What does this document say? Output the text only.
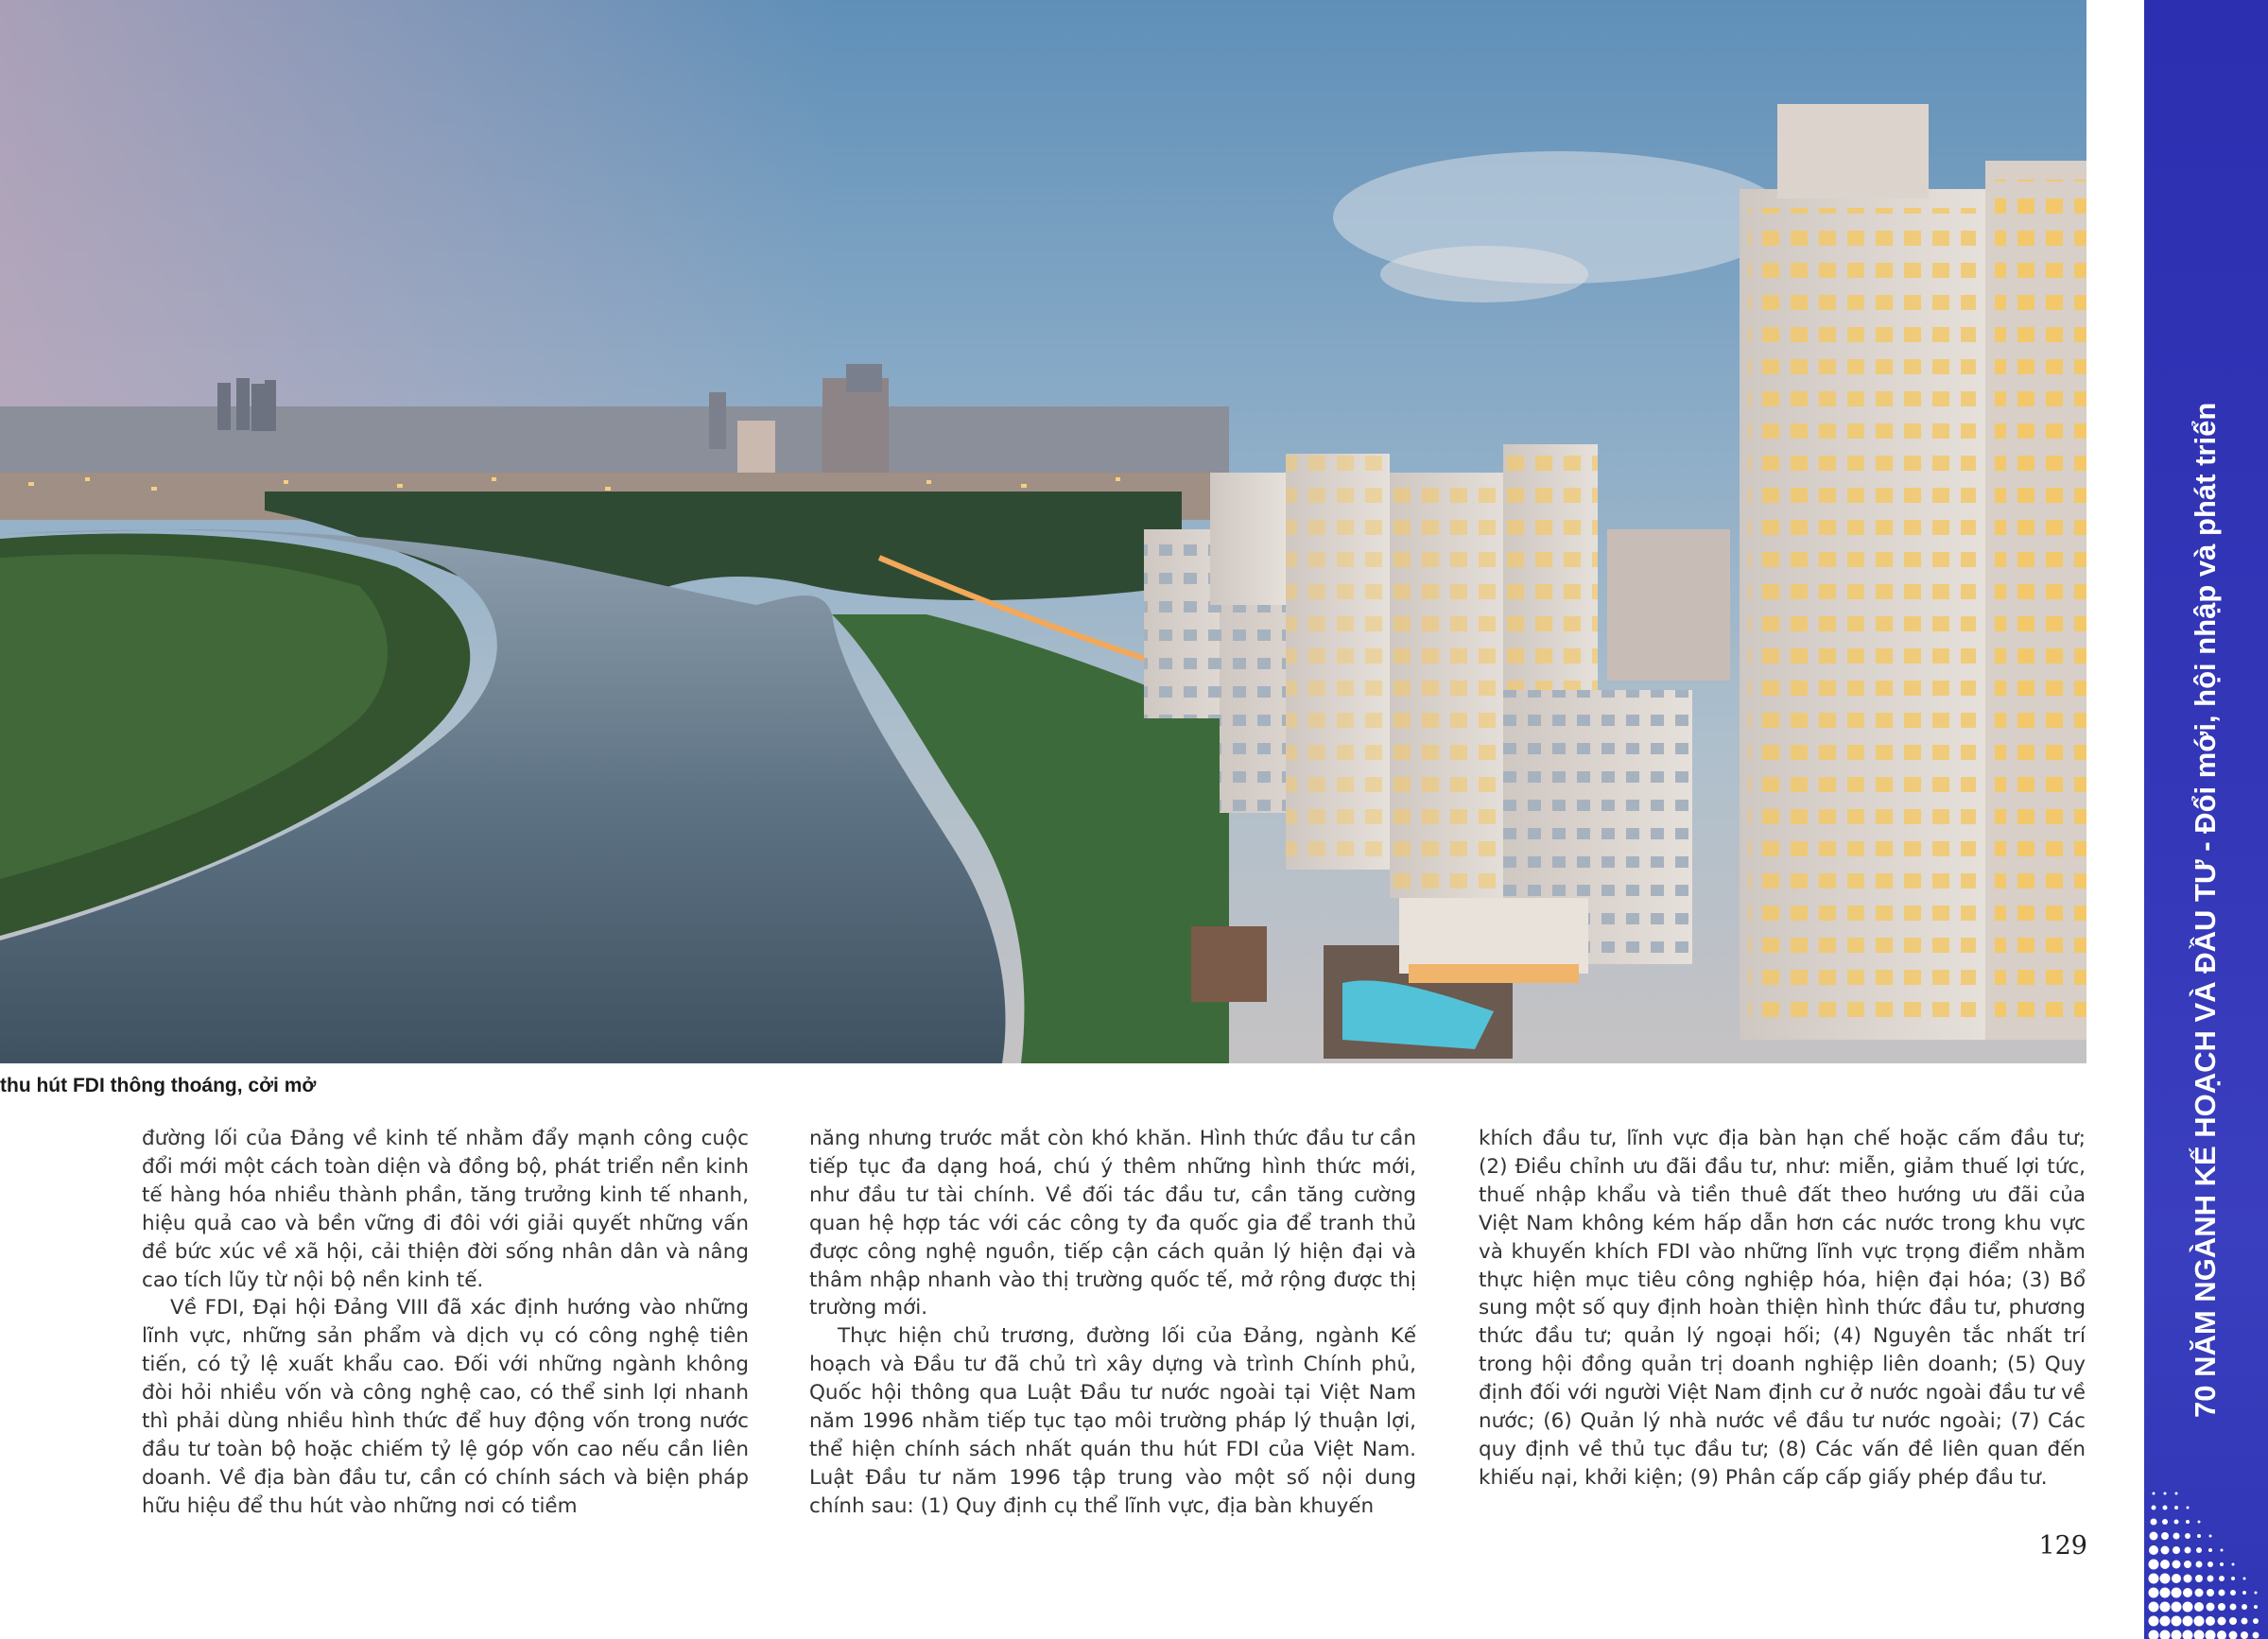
thu hút FDI thông thoáng, cởi mở

đường lối của Đảng về kinh tế nhằm đẩy mạnh công cuộc đổi mới một cách toàn diện và đồng bộ, phát triển nền kinh tế hàng hóa nhiều thành phần, tăng trưởng kinh tế nhanh, hiệu quả cao và bền vững đi đôi với giải quyết những vấn đề bức xúc về xã hội, cải thiện đời sống nhân dân và nâng cao tích lũy từ nội bộ nền kinh tế.

Về FDI, Đại hội Đảng VIII đã xác định hướng vào những lĩnh vực, những sản phẩm và dịch vụ có công nghệ tiên tiến, có tỷ lệ xuất khẩu cao. Đối với những ngành không đòi hỏi nhiều vốn và công nghệ cao, có thể sinh lợi nhanh thì phải dùng nhiều hình thức để huy động vốn trong nước đầu tư toàn bộ hoặc chiếm tỷ lệ góp vốn cao nếu cần liên doanh. Về địa bàn đầu tư, cần có chính sách và biện pháp hữu hiệu để thu hút vào những nơi có tiềm

năng nhưng trước mắt còn khó khăn. Hình thức đầu tư cần tiếp tục đa dạng hoá, chú ý thêm những hình thức mới, như đầu tư tài chính. Về đối tác đầu tư, cần tăng cường quan hệ hợp tác với các công ty đa quốc gia để tranh thủ được công nghệ nguồn, tiếp cận cách quản lý hiện đại và thâm nhập nhanh vào thị trường quốc tế, mở rộng được thị trường mới.

Thực hiện chủ trương, đường lối của Đảng, ngành Kế hoạch và Đầu tư đã chủ trì xây dựng và trình Chính phủ, Quốc hội thông qua Luật Đầu tư nước ngoài tại Việt Nam năm 1996 nhằm tiếp tục tạo môi trường pháp lý thuận lợi, thể hiện chính sách nhất quán thu hút FDI của Việt Nam. Luật Đầu tư năm 1996 tập trung vào một số nội dung chính sau: (1) Quy định cụ thể lĩnh vực, địa bàn khuyến

khích đầu tư, lĩnh vực địa bàn hạn chế hoặc cấm đầu tư; (2) Điều chỉnh ưu đãi đầu tư, như: miễn, giảm thuế lợi tức, thuế nhập khẩu và tiền thuê đất theo hướng ưu đãi của Việt Nam không kém hấp dẫn hơn các nước trong khu vực và khuyến khích FDI vào những lĩnh vực trọng điểm nhằm thực hiện mục tiêu công nghiệp hóa, hiện đại hóa; (3) Bổ sung một số quy định hoàn thiện hình thức đầu tư, phương thức đầu tư; quản lý ngoại hối; (4) Nguyên tắc nhất trí trong hội đồng quản trị doanh nghiệp liên doanh; (5) Quy định đối với người Việt Nam định cư ở nước ngoài đầu tư về nước; (6) Quản lý nhà nước về đầu tư nước ngoài; (7) Các quy định về thủ tục đầu tư; (8) Các vấn đề liên quan đến khiếu nại, khởi kiện; (9) Phân cấp cấp giấy phép đầu tư.

129
70 NĂM NGÀNH KẾ HOẠCH VÀ ĐẦU TƯ - Đổi mới, hội nhập và phát triển
